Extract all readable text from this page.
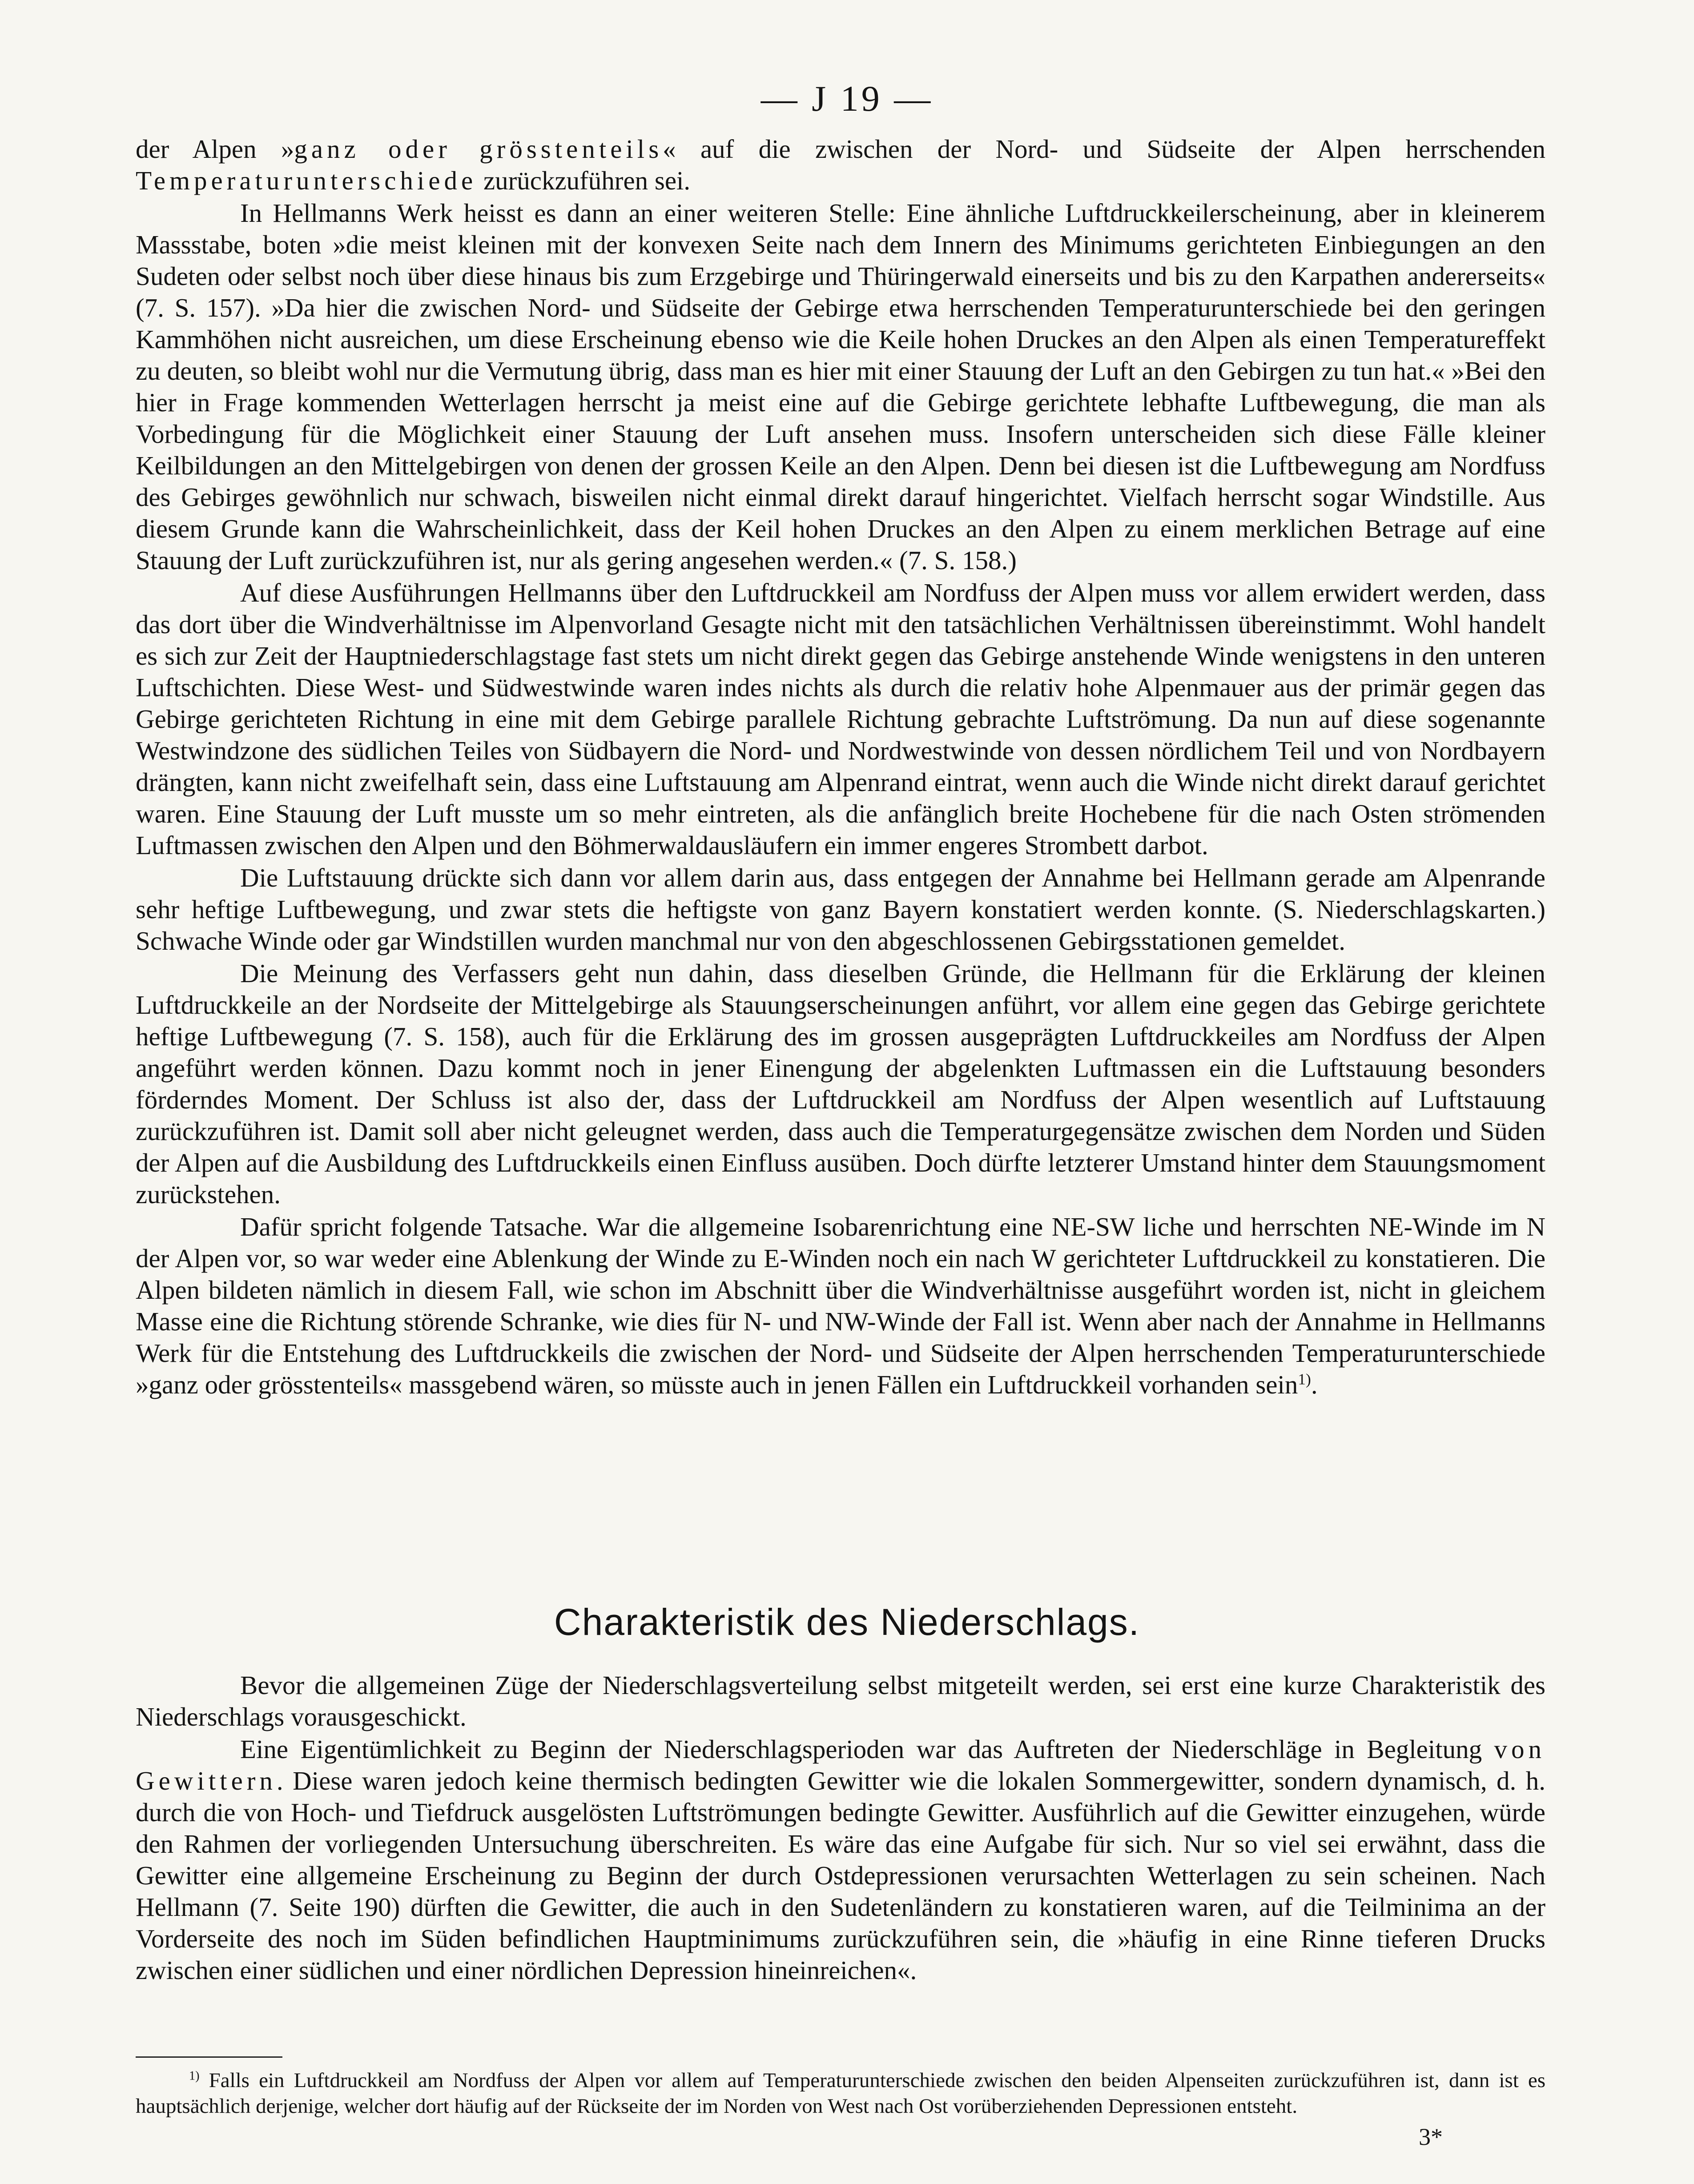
— J 19 —

der Alpen »ganz oder grösstenteils« auf die zwischen der Nord- und Südseite der Alpen herrschenden Temperaturunterschiede zurückzuführen sei.

In Hellmanns Werk heisst es dann an einer weiteren Stelle: Eine ähnliche Luftdruckkeilerscheinung, aber in kleinerem Massstabe, boten »die meist kleinen mit der konvexen Seite nach dem Innern des Minimums gerichteten Einbiegungen an den Sudeten oder selbst noch über diese hinaus bis zum Erzgebirge und Thüringerwald einerseits und bis zu den Karpathen andererseits« (7. S. 157). »Da hier die zwischen Nord- und Südseite der Gebirge etwa herrschenden Temperaturunterschiede bei den geringen Kammhöhen nicht ausreichen, um diese Erscheinung ebenso wie die Keile hohen Druckes an den Alpen als einen Temperatureffekt zu deuten, so bleibt wohl nur die Vermutung übrig, dass man es hier mit einer Stauung der Luft an den Gebirgen zu tun hat.« »Bei den hier in Frage kommenden Wetterlagen herrscht ja meist eine auf die Gebirge gerichtete lebhafte Luftbewegung, die man als Vorbedingung für die Möglichkeit einer Stauung der Luft ansehen muss. Insofern unterscheiden sich diese Fälle kleiner Keilbildungen an den Mittelgebirgen von denen der grossen Keile an den Alpen. Denn bei diesen ist die Luftbewegung am Nordfuss des Gebirges gewöhnlich nur schwach, bisweilen nicht einmal direkt darauf hingerichtet. Vielfach herrscht sogar Windstille. Aus diesem Grunde kann die Wahrscheinlichkeit, dass der Keil hohen Druckes an den Alpen zu einem merklichen Betrage auf eine Stauung der Luft zurückzuführen ist, nur als gering angesehen werden.« (7. S. 158.)

Auf diese Ausführungen Hellmanns über den Luftdruckkeil am Nordfuss der Alpen muss vor allem erwidert werden, dass das dort über die Windverhältnisse im Alpenvorland Gesagte nicht mit den tatsächlichen Verhältnissen übereinstimmt. Wohl handelt es sich zur Zeit der Hauptniederschlagstage fast stets um nicht direkt gegen das Gebirge anstehende Winde wenigstens in den unteren Luftschichten. Diese West- und Südwestwinde waren indes nichts als durch die relativ hohe Alpenmauer aus der primär gegen das Gebirge gerichteten Richtung in eine mit dem Gebirge parallele Richtung gebrachte Luftströmung. Da nun auf diese sogenannte Westwindzone des südlichen Teiles von Südbayern die Nord- und Nordwestwinde von dessen nördlichem Teil und von Nordbayern drängten, kann nicht zweifelhaft sein, dass eine Luftstauung am Alpenrand eintrat, wenn auch die Winde nicht direkt darauf gerichtet waren. Eine Stauung der Luft musste um so mehr eintreten, als die anfänglich breite Hochebene für die nach Osten strömenden Luftmassen zwischen den Alpen und den Böhmerwaldausläufern ein immer engeres Strombett darbot.

Die Luftstauung drückte sich dann vor allem darin aus, dass entgegen der Annahme bei Hellmann gerade am Alpenrande sehr heftige Luftbewegung, und zwar stets die heftigste von ganz Bayern konstatiert werden konnte. (S. Niederschlagskarten.) Schwache Winde oder gar Windstillen wurden manchmal nur von den abgeschlossenen Gebirgsstationen gemeldet.

Die Meinung des Verfassers geht nun dahin, dass dieselben Gründe, die Hellmann für die Erklärung der kleinen Luftdruckkeile an der Nordseite der Mittelgebirge als Stauungserscheinungen anführt, vor allem eine gegen das Gebirge gerichtete heftige Luftbewegung (7. S. 158), auch für die Erklärung des im grossen ausgeprägten Luftdruckkeiles am Nordfuss der Alpen angeführt werden können. Dazu kommt noch in jener Einengung der abgelenkten Luftmassen ein die Luftstauung besonders förderndes Moment. Der Schluss ist also der, dass der Luftdruckkeil am Nordfuss der Alpen wesentlich auf Luftstauung zurückzuführen ist. Damit soll aber nicht geleugnet werden, dass auch die Temperaturgegensätze zwischen dem Norden und Süden der Alpen auf die Ausbildung des Luftdruckkeils einen Einfluss ausüben. Doch dürfte letzterer Umstand hinter dem Stauungsmoment zurückstehen.

Dafür spricht folgende Tatsache. War die allgemeine Isobarenrichtung eine NE-SW liche und herrschten NE-Winde im N der Alpen vor, so war weder eine Ablenkung der Winde zu E-Winden noch ein nach W gerichteter Luftdruckkeil zu konstatieren. Die Alpen bildeten nämlich in diesem Fall, wie schon im Abschnitt über die Windverhältnisse ausgeführt worden ist, nicht in gleichem Masse eine die Richtung störende Schranke, wie dies für N- und NW-Winde der Fall ist. Wenn aber nach der Annahme in Hellmanns Werk für die Entstehung des Luftdruckkeils die zwischen der Nord- und Südseite der Alpen herrschenden Temperaturunterschiede »ganz oder grösstenteils« massgebend wären, so müsste auch in jenen Fällen ein Luftdruckkeil vorhanden sein$^{1)}$.

Charakteristik des Niederschlags.

Bevor die allgemeinen Züge der Niederschlagsverteilung selbst mitgeteilt werden, sei erst eine kurze Charakteristik des Niederschlags vorausgeschickt.

Eine Eigentümlichkeit zu Beginn der Niederschlagsperioden war das Auftreten der Niederschläge in Begleitung von Gewittern. Diese waren jedoch keine thermisch bedingten Gewitter wie die lokalen Sommergewitter, sondern dynamisch, d. h. durch die von Hoch- und Tiefdruck ausgelösten Luftströmungen bedingte Gewitter. Ausführlich auf die Gewitter einzugehen, würde den Rahmen der vorliegenden Untersuchung überschreiten. Es wäre das eine Aufgabe für sich. Nur so viel sei erwähnt, dass die Gewitter eine allgemeine Erscheinung zu Beginn der durch Ostdepressionen verursachten Wetterlagen zu sein scheinen. Nach Hellmann (7. Seite 190) dürften die Gewitter, die auch in den Sudetenländern zu konstatieren waren, auf die Teilminima an der Vorderseite des noch im Süden befindlichen Hauptminimums zurückzuführen sein, die »häufig in eine Rinne tieferen Drucks zwischen einer südlichen und einer nördlichen Depression hineinreichen«.

$^{1)}$ Falls ein Luftdruckkeil am Nordfuss der Alpen vor allem auf Temperaturunterschiede zwischen den beiden Alpenseiten zurückzuführen ist, dann ist es hauptsächlich derjenige, welcher dort häufig auf der Rückseite der im Norden von West nach Ost vorüberziehenden Depressionen entsteht.
3*
